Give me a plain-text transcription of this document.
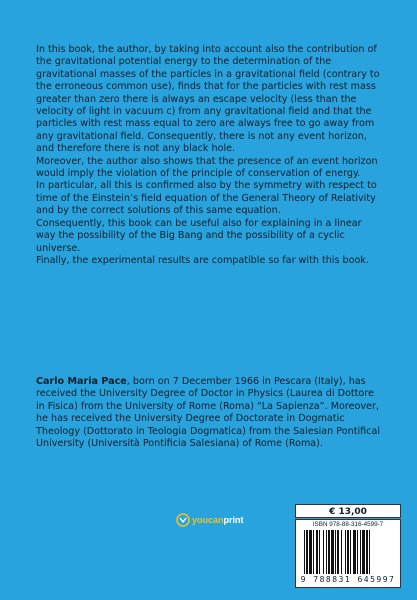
In this book, the author, by taking into account also the contribution of the gravitational potential energy to the determination of the gravitational masses of the particles in a gravitational field (contrary to the erroneous common use), finds that for the particles with rest mass greater than zero there is always an escape velocity (less than the velocity of light in vacuum c) from any gravitational field and that the particles with rest mass equal to zero are always free to go away from any gravitational field. Consequently, there is not any event horizon, and therefore there is not any black hole.

Moreover, the author also shows that the presence of an event horizon would imply the violation of the principle of conservation of energy.

In particular, all this is confirmed also by the symmetry with respect to time of the Einstein’s field equation of the General Theory of Relativity and by the correct solutions of this same equation.

Consequently, this book can be useful also for explaining in a linear way the possibility of the Big Bang and the possibility of a cyclic universe.

Finally, the experimental results are compatible so far with this book.

Carlo Maria Pace, born on 7 December 1966 in Pescara (Italy), has received the University Degree of Doctor in Physics (Laurea di Dottore in Fisica) from the University of Rome (Roma) “La Sapienza”. Moreover, he has received the University Degree of Doctorate in Dogmatic Theology (Dottorato in Teologia Dogmatica) from the Salesian Pontifical University (Università Pontificia Salesiana) of Rome (Roma).
youcanprint
€ 13,00
ISBN 978-88-316-4599-7
9 788831 645997
